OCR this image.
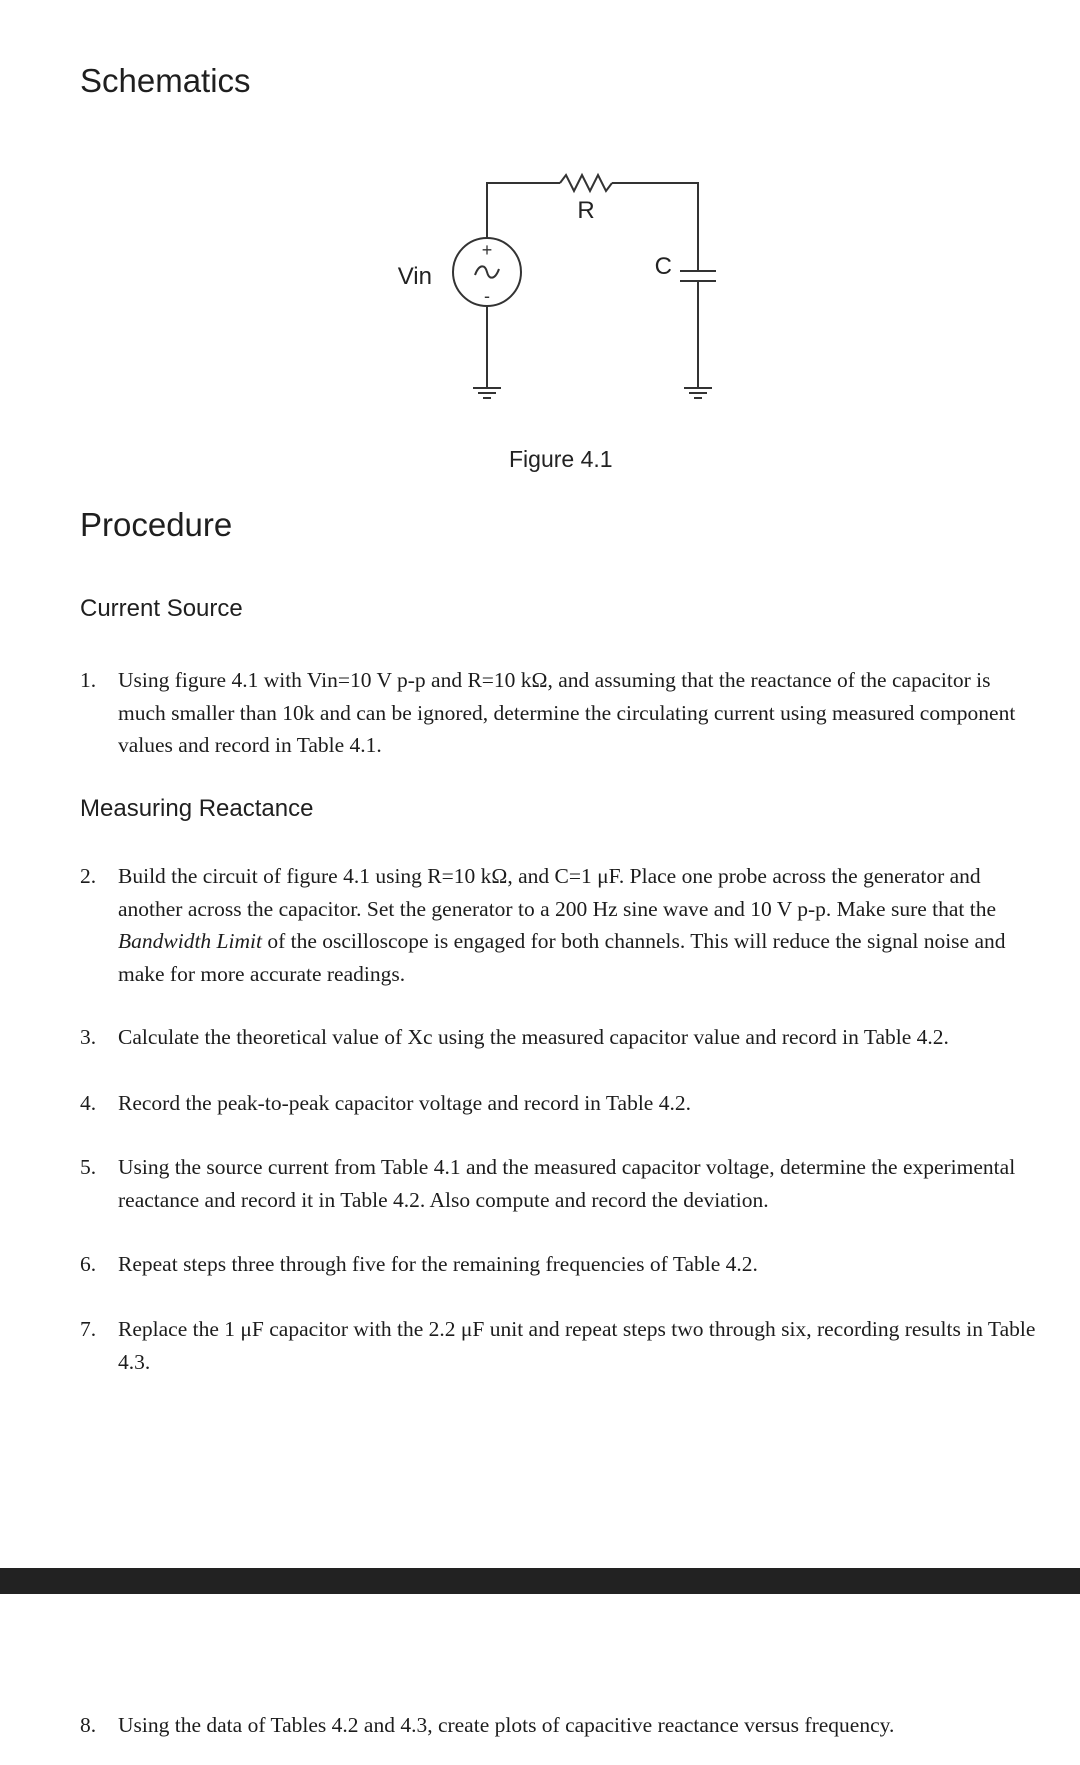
Schematics
+
-
R
C
Vin
Figure 4.1
Procedure
Current Source
1. Using figure 4.1 with Vin=10 V p-p and R=10 kΩ, and assuming that the reactance of the capacitor is much smaller than 10k and can be ignored, determine the circulating current using measured component values and record in Table 4.1.
Measuring Reactance
2. Build the circuit of figure 4.1 using R=10 kΩ, and C=1 μF. Place one probe across the generator and another across the capacitor. Set the generator to a 200 Hz sine wave and 10 V p-p. Make sure that the Bandwidth Limit of the oscilloscope is engaged for both channels. This will reduce the signal noise and make for more accurate readings.
3. Calculate the theoretical value of Xc using the measured capacitor value and record in Table 4.2.
4. Record the peak-to-peak capacitor voltage and record in Table 4.2.
5. Using the source current from Table 4.1 and the measured capacitor voltage, determine the experimental reactance and record it in Table 4.2. Also compute and record the deviation.
6. Repeat steps three through five for the remaining frequencies of Table 4.2.
7. Replace the 1 μF capacitor with the 2.2 μF unit and repeat steps two through six, recording results in Table 4.3.
8. Using the data of Tables 4.2 and 4.3, create plots of capacitive reactance versus frequency.
